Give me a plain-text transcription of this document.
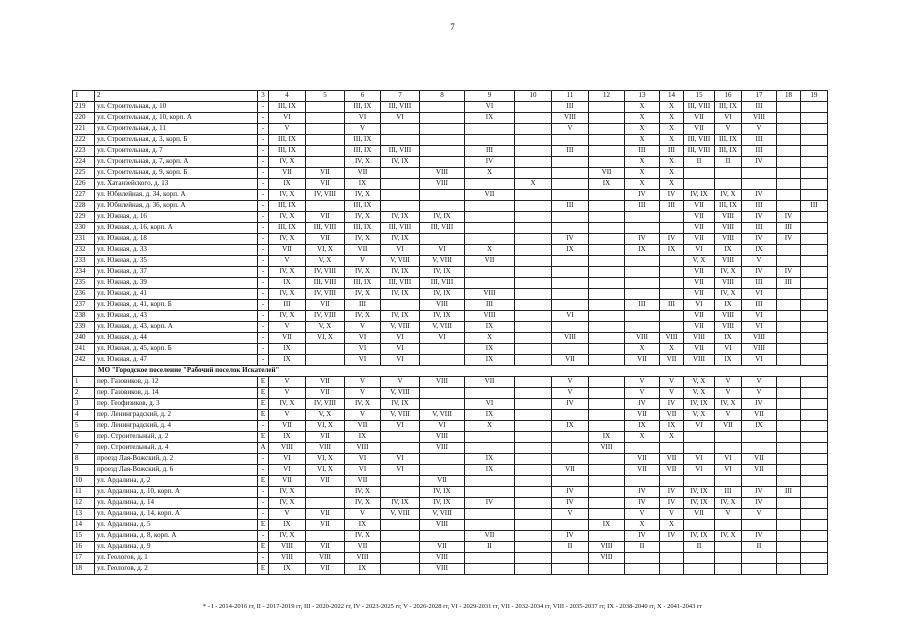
7
1	2	3	4	5	6	7	8	9	10	11	12	13	14	15	16	17	18	19
219	ул. Строительная, д. 10	-	III, IX		III, IX	III, VIII		VI		III		X	X	III, VIII	III, IX	III		
220	ул. Строительная, д. 10, корп. А	-	VI		VI	VI		IX		VIII		X	X	VII	VI	VIII		
221	ул. Строительная, д. 11	-	V		V					V		X	X	VII	V	V		
222	ул. Строительная, д. 3, корп. Б	-	III, IX		III, IX							X	X	III, VIII	III, IX	III		
223	ул. Строительная, д. 7	-	III, IX		III, IX	III, VIII		III		III		III	III	III, VIII	III, IX	III		
224	ул. Строительная, д. 7, корп. А	-	IV, X		IV, X	IV, IX		IV				X	X	II	II	IV		
225	ул. Строительная, д. 9, корп. Б	-	VII	VII	VII		VIII	X			VII	X	X					
226	ул. Хатанзейского, д. 13	-	IX	VII	IX		VIII		X		IX	X	X					
227	ул. Юбилейная, д. 34, корп. А	-	IV, X	IV, VIII	IV, X			VII				IV	IV	IV, IX	IV, X	IV		
228	ул. Юбилейная, д. 36, корп. А	-	III, IX		III, IX					III		III	III	VII	III, IX	III		III
229	ул. Южная, д. 16	-	IV, X	VII	IV, X	IV, IX	IV, IX							VII	VIII	IV	IV	
230	ул. Южная, д. 16, корп. А	-	III, IX	III, VIII	III, IX	III, VIII	III, VIII							VII	VIII	III	III	
231	ул. Южная, д. 18	-	IV, X	VII	IV, X	IV, IX				IV		IV	IV	VII	VIII	IV	IV	
232	ул. Южная, д. 33	-	VII	VI, X	VII	VI	VI	X		IX		IX	IX	VI	IX	IX		
233	ул. Южная, д. 35	-	V	V, X	V	V, VIII	V, VIII	VII						V, X	VIII	V		
234	ул. Южная, д. 37	-	IV, X	IV, VIII	IV, X	IV, IX	IV, IX							VII	IV, X	IV	IV	
235	ул. Южная, д. 39	-	IX	III, VIII	III, IX	III, VIII	III, VIII							VII	VIII	III	III	
236	ул. Южная, д. 41	-	IV, X	IV, VIII	IV, X	IV, IX	IV, IX	VIII						VII	IV, X	VI		
237	ул. Южная, д. 41, корп. Б	-	III	VII	III		VIII	III				III	III	VI	IX	III		
238	ул. Южная, д. 43	-	IV, X	IV, VIII	IV, X	IV, IX	IV, IX	VIII		VI				VII	VIII	VI		
239	ул. Южная, д. 43, корп. А	-	V	V, X	V	V, VIII	V, VIII	IX						VII	VIII	VI		
240	ул. Южная, д. 44	-	VII	VI, X	VI	VI	VI	X		VIII		VIII	VIII	VIII	IX	VIII		
241	ул. Южная, д. 45, корп. Б	-	IX		VI	VI		IX				X	X	VII	VI	VIII		
242	ул. Южная, д. 47	-	IX		VI	VI		IX		VII		VII	VII	VIII	IX	VI		
	МО "Городское поселение "Рабочий поселок Искателей"																	
1	пер. Газовиков, д. 12	Е	V	VII	V	V	VIII	VII		V		V	V	V, X	V	V		
2	пер. Газовиков, д. 14	Е	V	VII	V	V, VIII				V		V	V	V, X	V	V		
3	пер. Геофизиков, д. 3	Е	IV, X	IV, VIII	IV, X	IV, IX		VI		IV		IV	IV	IV, IX	IV, X	IV		
4	пер. Ленинградский, д. 2	Е	V	V, X	V	V, VIII	V, VIII	IX				VII	VII	V, X	V	VII		
5	пер. Ленинградский, д. 4	-	VII	VI, X	VII	VI	VI	X		IX		IX	IX	VI	VII	IX		
6	пер. Строительный, д. 2	Е	IX	VII	IX		VIII				IX	X	X					
7	пер. Строительный, д. 4	А	VIII	VIII	VIII		VIII				VIII							
8	проезд Лая-Вожский, д. 2	-	VI	VI, X	VI	VI		IX				VII	VII	VI	VI	VII		
9	проезд Лая-Вожский, д. 6	-	VI	VI, X	VI	VI		IX		VII		VII	VII	VI	VI	VII		
10	ул. Ардалина, д. 2	Е	VII	VII	VII		VII											
11	ул. Ардалина, д. 10, корп. А	-	IV, X		IV, X		IV, IX			IV		IV	IV	IV, IX	III	IV	III	
12	ул. Ардалина, д. 14	-	IV, X		IV, X	IV, IX	IV, IX	IV		IV		IV	IV	IV, IX	IV, X	IV		
13	ул. Ардалина, д. 14, корп. А	-	V	VII	V	V, VIII	V, VIII			V		V	V	VII	V	V		
14	ул. Ардалина, д. 5	Е	IX	VII	IX		VIII				IX	X	X					
15	ул. Ардалина, д. 8, корп. А	-	IV, X		IV, X			VII		IV		IV	IV	IV, IX	IV, X	IV		
16	ул. Ардалина, д. 9	Е	VIII	VII	VII		VII	II		II	VIII	II		II		II		
17	ул. Геологов, д. 1	-	VIII	VIII	VIII		VIII				VIII							
18	ул. Геологов, д. 2	Е	IX	VII	IX		VIII											
* - I - 2014-2016 гг, II - 2017-2019 гг, III - 2020-2022 гг, IV - 2023-2025 гг, V - 2026-2028 гг, VI - 2029-2031 гг, VII - 2032-2034 гг, VIII - 2035-2037 гг, IX - 2038-2040 гг, X - 2041-2043 гг
